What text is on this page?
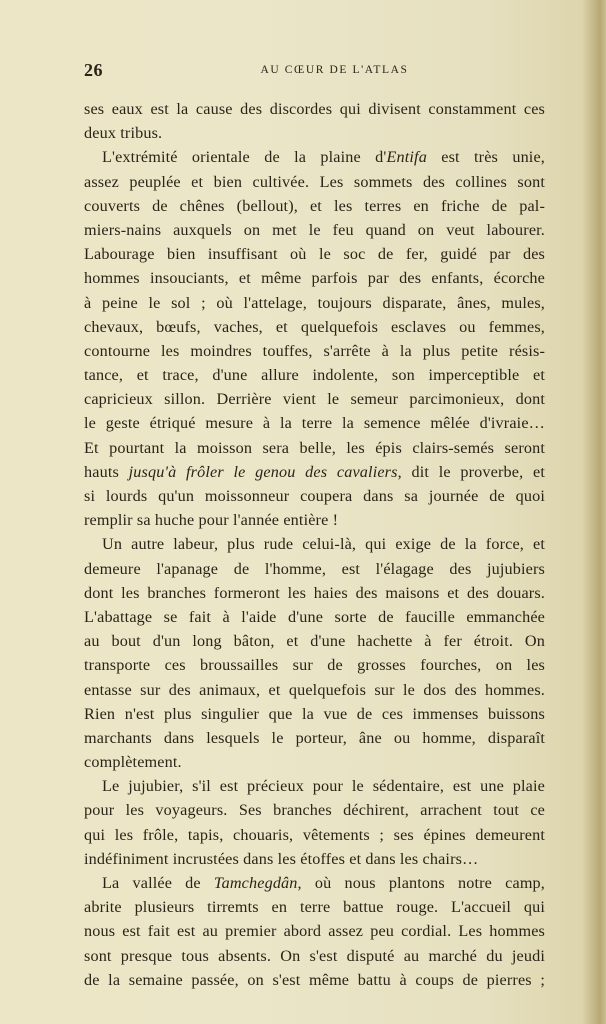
26	AU CŒUR DE L'ATLAS
ses eaux est la cause des discordes qui divisent constamment ces
deux tribus.
L'extrémité orientale de la plaine d'Entifa est très unie,
assez peuplée et bien cultivée. Les sommets des collines sont
couverts de chênes (bellout), et les terres en friche de pal-
miers-nains auxquels on met le feu quand on veut labourer.
Labourage bien insuffisant où le soc de fer, guidé par des
hommes insouciants, et même parfois par des enfants, écorche
à peine le sol ; où l'attelage, toujours disparate, ânes, mules,
chevaux, bœufs, vaches, et quelquefois esclaves ou femmes,
contourne les moindres touffes, s'arrête à la plus petite résis-
tance, et trace, d'une allure indolente, son imperceptible et
capricieux sillon. Derrière vient le semeur parcimonieux, dont
le geste étriqué mesure à la terre la semence mêlée d'ivraie…
Et pourtant la moisson sera belle, les épis clairs-semés seront
hauts jusqu'à frôler le genou des cavaliers, dit le proverbe, et
si lourds qu'un moissonneur coupera dans sa journée de quoi
remplir sa huche pour l'année entière !
Un autre labeur, plus rude celui-là, qui exige de la force, et
demeure l'apanage de l'homme, est l'élagage des jujubiers
dont les branches formeront les haies des maisons et des douars.
L'abattage se fait à l'aide d'une sorte de faucille emmanchée
au bout d'un long bâton, et d'une hachette à fer étroit. On
transporte ces broussailles sur de grosses fourches, on les
entasse sur des animaux, et quelquefois sur le dos des hommes.
Rien n'est plus singulier que la vue de ces immenses buissons
marchants dans lesquels le porteur, âne ou homme, disparaît
complètement.
Le jujubier, s'il est précieux pour le sédentaire, est une plaie
pour les voyageurs. Ses branches déchirent, arrachent tout ce
qui les frôle, tapis, chouaris, vêtements ; ses épines demeurent
indéfiniment incrustées dans les étoffes et dans les chairs…
La vallée de Tamchegdân, où nous plantons notre camp,
abrite plusieurs tirremts en terre battue rouge. L'accueil qui
nous est fait est au premier abord assez peu cordial. Les hommes
sont presque tous absents. On s'est disputé au marché du jeudi
de la semaine passée, on s'est même battu à coups de pierres ;
